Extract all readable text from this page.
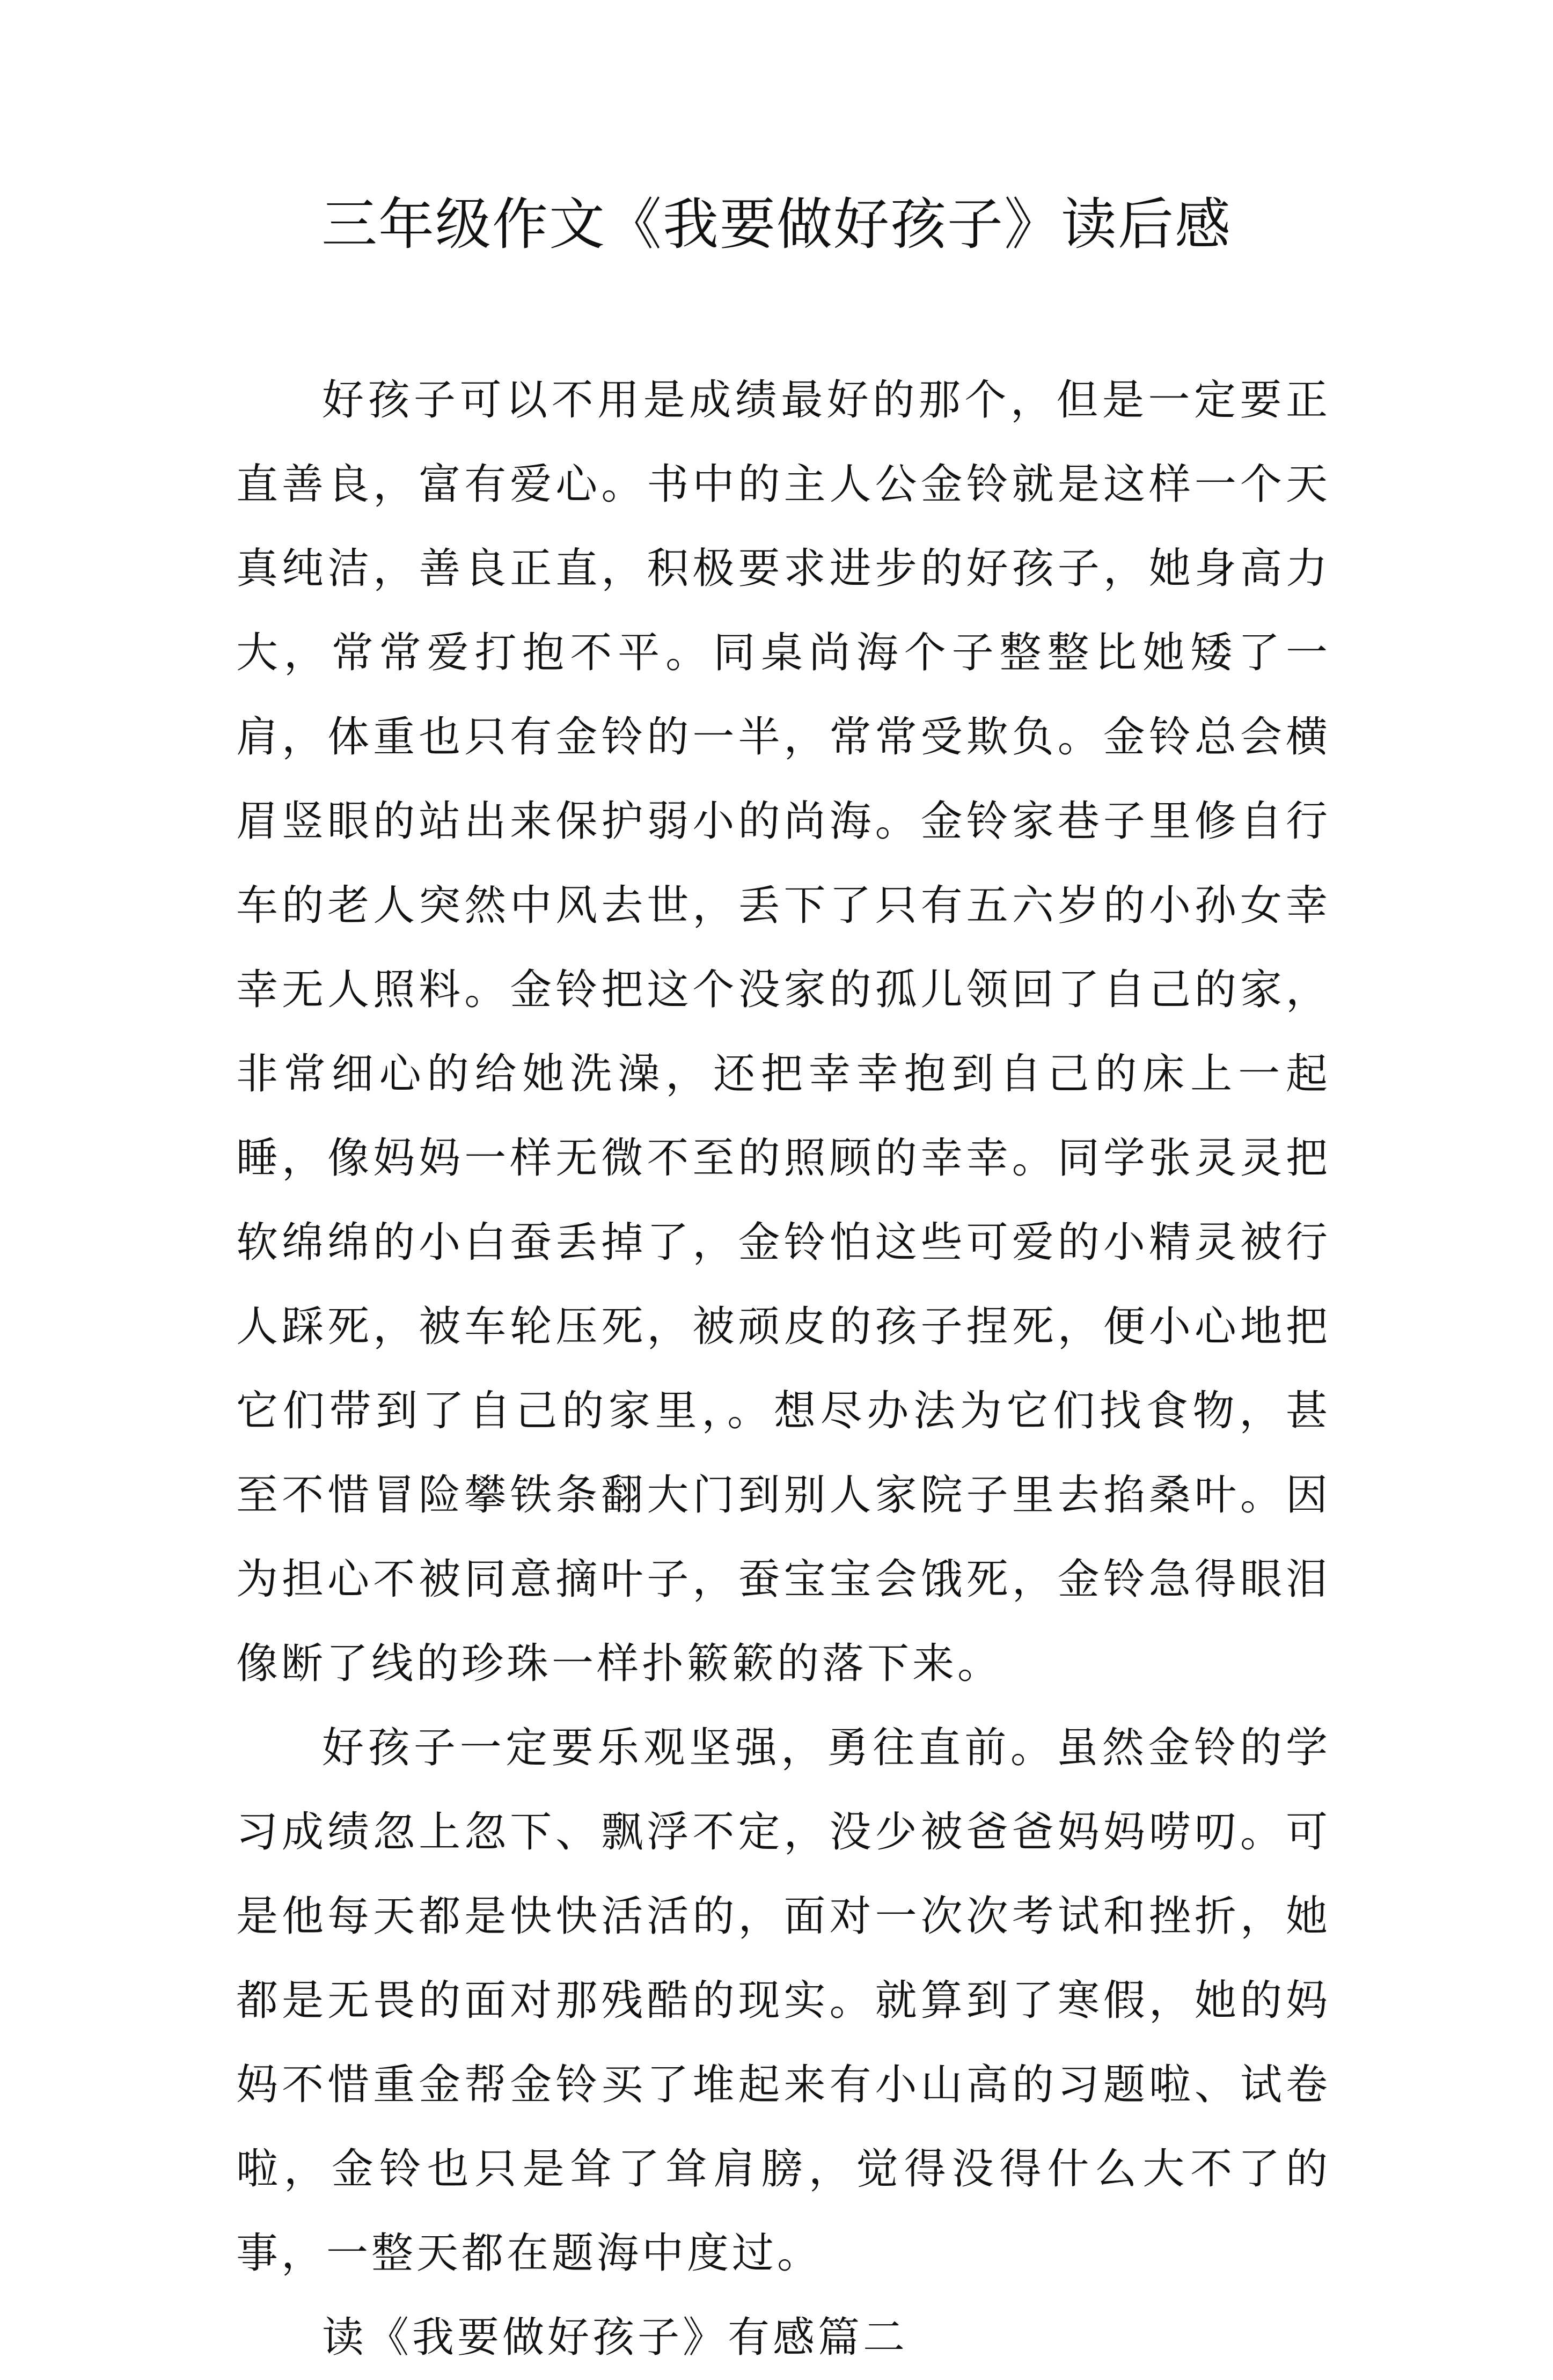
三年级作文《我要做好孩子》读后感

好孩子可以不用是成绩最好的那个，但是一定要正直善良，富有爱心。书中的主人公金铃就是这样一个天真纯洁，善良正直，积极要求进步的好孩子，她身高力大，常常爱打抱不平。同桌尚海个子整整比她矮了一肩，体重也只有金铃的一半，常常受欺负。金铃总会横眉竖眼的站出来保护弱小的尚海。金铃家巷子里修自行车的老人突然中风去世，丢下了只有五六岁的小孙女幸幸无人照料。金铃把这个没家的孤儿领回了自己的家，非常细心的给她洗澡，还把幸幸抱到自己的床上一起睡，像妈妈一样无微不至的照顾的幸幸。同学张灵灵把软绵绵的小白蚕丢掉了，金铃怕这些可爱的小精灵被行人踩死，被车轮压死，被顽皮的孩子捏死，便小心地把它们带到了自己的家里，。想尽办法为它们找食物，甚至不惜冒险攀铁条翻大门到别人家院子里去掐桑叶。因为担心不被同意摘叶子，蚕宝宝会饿死，金铃急得眼泪像断了线的珍珠一样扑簌簌的落下来。

好孩子一定要乐观坚强，勇往直前。虽然金铃的学习成绩忽上忽下、飘浮不定，没少被爸爸妈妈唠叨。可是他每天都是快快活活的，面对一次次考试和挫折，她都是无畏的面对那残酷的现实。就算到了寒假，她的妈妈不惜重金帮金铃买了堆起来有小山高的习题啦、试卷啦，金铃也只是耸了耸肩膀，觉得没得什么大不了的事，一整天都在题海中度过。

读《我要做好孩子》有感篇二
